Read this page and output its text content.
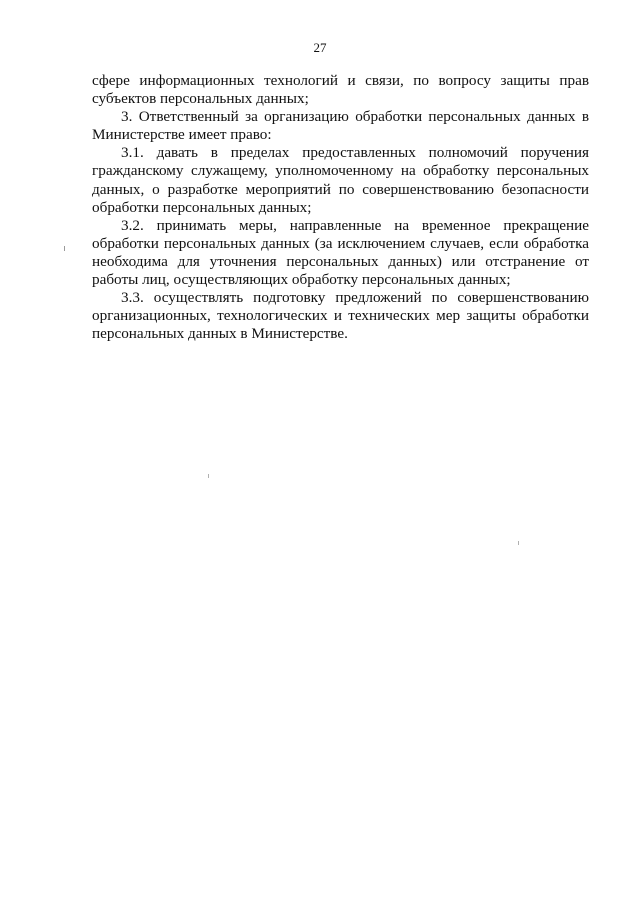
27

сфере информационных технологий и связи, по вопросу защиты прав субъектов персональных данных;

3. Ответственный за организацию обработки персональных данных в Министерстве имеет право:

3.1. давать в пределах предоставленных полномочий поручения гражданскому служащему, уполномоченному на обработку персональных данных, о разработке мероприятий по совершенствованию безопасности обработки персональных данных;

3.2. принимать меры, направленные на временное прекращение обработки персональных данных (за исключением случаев, если обработка необходима для уточнения персональных данных) или отстранение от работы лиц, осуществляющих обработку персональных данных;

3.3. осуществлять подготовку предложений по совершенствованию организационных, технологических и технических мер защиты обработки персональных данных в Министерстве.
